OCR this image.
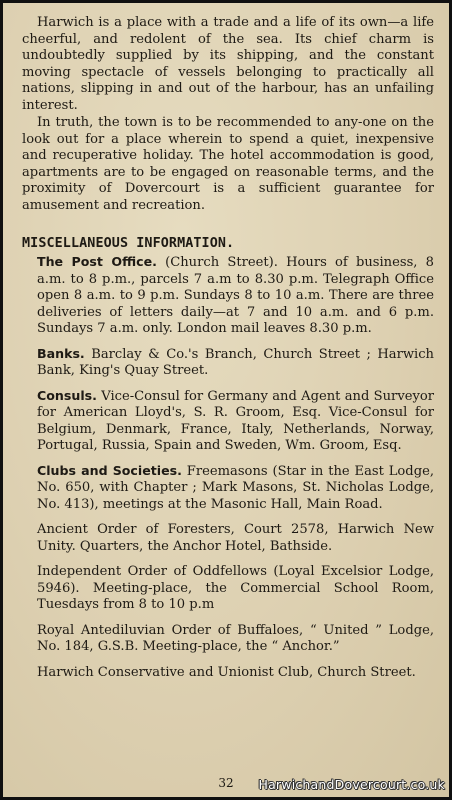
Harwich is a place with a trade and a life of its own—a life cheerful, and redolent of the sea. Its chief charm is undoubtedly supplied by its shipping, and the constant moving spectacle of vessels belonging to practically all nations, slipping in and out of the harbour, has an unfailing interest.

In truth, the town is to be recommended to any-one on the look out for a place wherein to spend a quiet, inexpensive and recuperative holiday. The hotel accommodation is good, apartments are to be engaged on reasonable terms, and the proximity of Dovercourt is a sufficient guarantee for amusement and recreation.

MISCELLANEOUS INFORMATION.

The Post Office. (Church Street). Hours of business, 8 a.m. to 8 p.m., parcels 7 a.m to 8.30 p.m. Telegraph Office open 8 a.m. to 9 p.m. Sundays 8 to 10 a.m. There are three deliveries of letters daily—at 7 and 10 a.m. and 6 p.m. Sundays 7 a.m. only. London mail leaves 8.30 p.m.

Banks. Barclay & Co.'s Branch, Church Street ; Harwich Bank, King's Quay Street.

Consuls. Vice-Consul for Germany and Agent and Surveyor for American Lloyd's, S. R. Groom, Esq. Vice-Consul for Belgium, Denmark, France, Italy, Netherlands, Norway, Portugal, Russia, Spain and Sweden, Wm. Groom, Esq.

Clubs and Societies. Freemasons (Star in the East Lodge, No. 650, with Chapter ; Mark Masons, St. Nicholas Lodge, No. 413), meetings at the Masonic Hall, Main Road.

Ancient Order of Foresters, Court 2578, Harwich New Unity. Quarters, the Anchor Hotel, Bathside.

Independent Order of Oddfellows (Loyal Excelsior Lodge, 5946). Meeting-place, the Commercial School Room, Tuesdays from 8 to 10 p.m

Royal Antediluvian Order of Buffaloes, “ United ” Lodge, No. 184, G.S.B. Meeting-place, the “ Anchor.”

Harwich Conservative and Unionist Club, Church Street.

32	HarwichandDovercourt.co.uk
